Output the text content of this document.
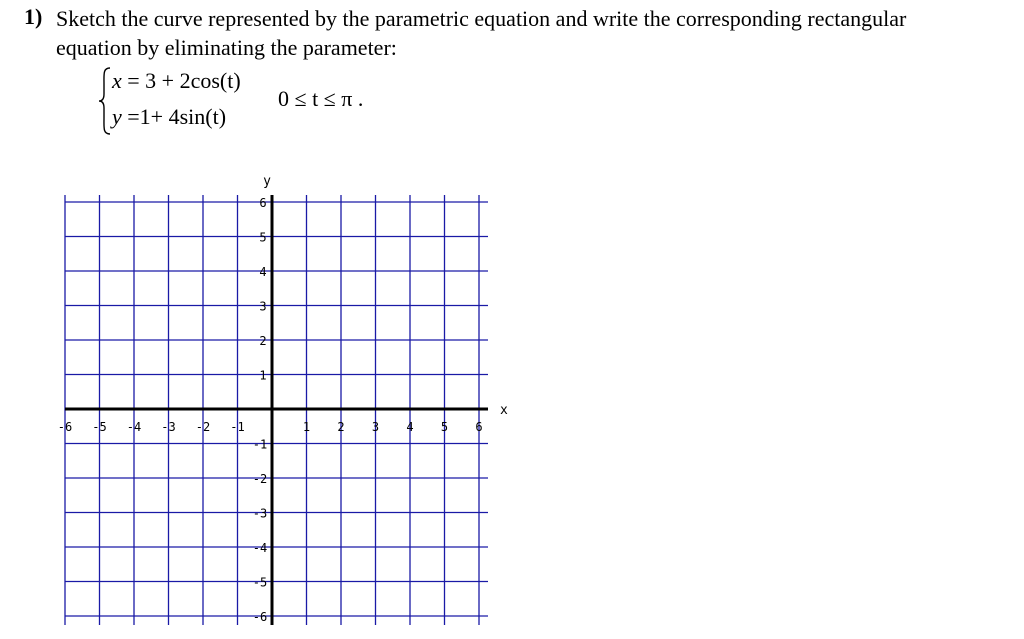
1) Sketch the curve represented by the parametric equation and write the corresponding rectangular equation by eliminating the parameter:
x = 3 + 2cos(t)
y =1+ 4sin(t)
0 ≤ t ≤ π .
-6 -5 -4 -3 -2 -1	1 2 3 4 5 6
6
5
4
3
2
1
-1
-2
-3
-4
-5
-6
x
y
